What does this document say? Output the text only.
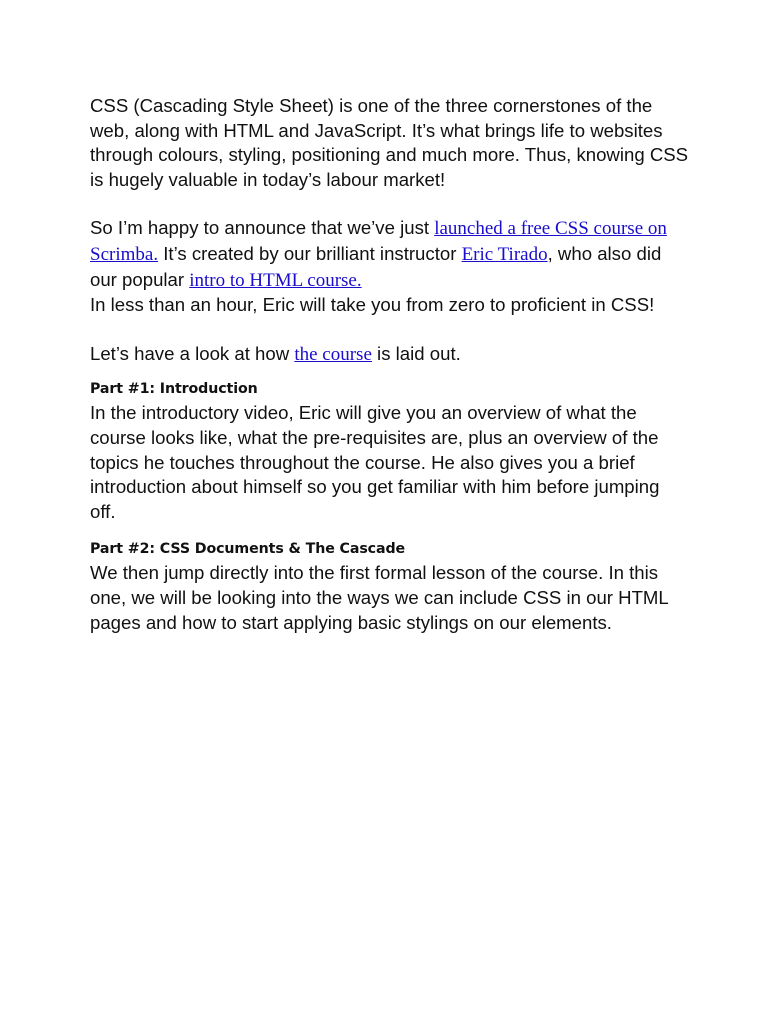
CSS (Cascading Style Sheet) is one of the three cornerstones of the web, along with HTML and JavaScript. It’s what brings life to websites through colours, styling, positioning and much more. Thus, knowing CSS is hugely valuable in today’s labour market!

So I’m happy to announce that we’ve just launched a free CSS course on Scrimba. It’s created by our brilliant instructor Eric Tirado, who also did our popular intro to HTML course.

In less than an hour, Eric will take you from zero to proficient in CSS!

Let’s have a look at how the course is laid out.

Part #1: Introduction

In the introductory video, Eric will give you an overview of what the course looks like, what the pre-requisites are, plus an overview of the topics he touches throughout the course. He also gives you a brief introduction about himself so you get familiar with him before jumping off.

Part #2: CSS Documents & The Cascade

We then jump directly into the first formal lesson of the course. In this one, we will be looking into the ways we can include CSS in our HTML pages and how to start applying basic stylings on our elements.
